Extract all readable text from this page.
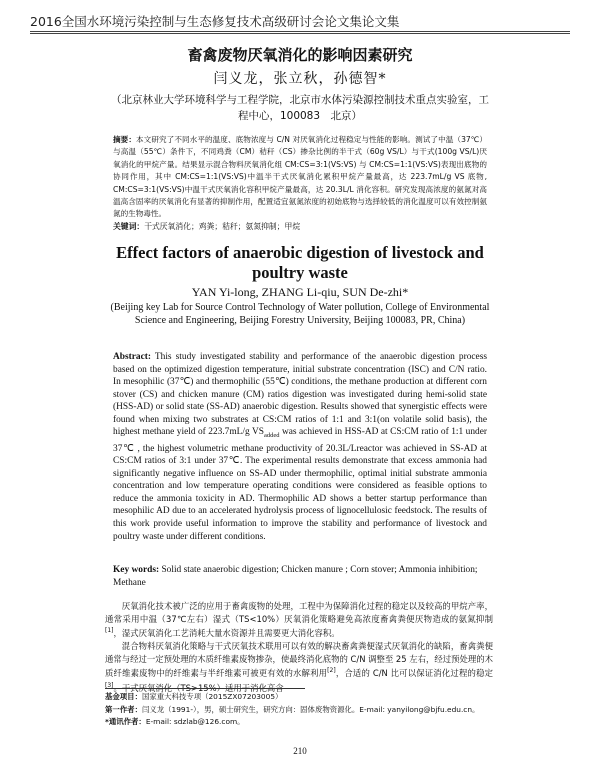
2016全国水环境污染控制与生态修复技术高级研讨会论文集论文集
畜禽废物厌氧消化的影响因素研究
闫义龙，张立秋，孙德智*
（北京林业大学环境科学与工程学院，北京市水体污染源控制技术重点实验室，工程中心，100083　北京）
摘要：本文研究了不同水平的温度、底物浓度与 C/N 对厌氧消化过程稳定与性能的影响。测试了中温（37℃）与高温（55℃）条件下，不同鸡粪（CM）秸秆（CS）掺杂比例的半干式（60g VS/L）与干式(100g VS/L)厌氧消化的甲烷产量。结果显示混合物料厌氧消化组 CM:CS=3:1(VS:VS) 与 CM:CS=1:1(VS:VS)表现出底物的协同作用，其中 CM:CS=1:1(VS:VS)中温半干式厌氧消化累积甲烷产量最高，达 223.7mL/g VS 底物, CM:CS=3:1(VS:VS)中温干式厌氧消化容积甲烷产量最高，达 20.3L/L 消化容积。研究发现高浓度的氨氮对高温高含固率的厌氧消化有显著的抑制作用，配置适宜氨氮浓度的初始底物与选择较低的消化温度可以有效控制氨氮的生物毒性。
关键词：干式厌氧消化；鸡粪；秸秆；氨氮抑制；甲烷
Effect factors of anaerobic digestion of livestock and poultry waste
YAN Yi-long, ZHANG Li-qiu, SUN De-zhi*
(Beijing key Lab for Source Control Technology of Water pollution, College of Environmental Science and Engineering, Beijing Forestry University, Beijing 100083, PR, China)
Abstract: This study investigated stability and performance of the anaerobic digestion process based on the optimized digestion temperature, initial substrate concentration (ISC) and C/N ratio. In mesophilic (37℃) and thermophilic (55℃) conditions, the methane production at different corn stover (CS) and chicken manure (CM) ratios digestion was investigated during hemi-solid state (HSS-AD) or solid state (SS-AD) anaerobic digestion. Results showed that synergistic effects were found when mixing two substrates at CS:CM ratios of 1:1 and 3:1(on volatile solid basis), the highest methane yield of 223.7mL/g $VS_{added}$ was achieved in HSS-AD at CS:CM ratio of 1:1 under 37℃ , the highest volumetric methane productivity of 20.3L/Lreactor was achieved in SS-AD at CS:CM ratios of 3:1 under 37℃. The experimental results demonstrate that excess ammonia had significantly negative influence on SS-AD under thermophilic, optimal initial substrate ammonia concentration and low temperature operating conditions were considered as feasible options to reduce the ammonia toxicity in AD. Thermophilic AD shows a better startup performance than mesophilic AD due to an accelerated hydrolysis process of lignocellulosic feedstock. The results of this work provide useful information to improve the stability and performance of livestock and poultry waste under different conditions.
Key words: Solid state anaerobic digestion; Chicken manure ; Corn stover; Ammonia inhibition; Methane

厌氧消化技术被广泛的应用于畜禽废物的处理，工程中为保障消化过程的稳定以及较高的甲烷产率，通常采用中温（37℃左右）湿式（TS<10%）厌氧消化策略避免高浓度畜禽粪便厌物造成的氨氮抑制[1]，湿式厌氧消化工艺消耗大量水资源并且需要更大消化容积。

混合物料厌氧消化策略与干式厌氧技术联用可以有效的解决畜禽粪便湿式厌氧消化的缺陷，畜禽粪便通常与经过一定预处理的木质纤维素废物掺杂，使最终消化底物的 C/N 调整至 25 左右，经过预处理的木质纤维素废物中的纤维素与半纤维素可被更有效的水解利用[2]，合适的 C/N 比可以保证消化过程的稳定[3]。干式厌氧消化（TS>15%）适用于消化高含

基金项目：国家重大科技专项（2015ZX07203005）
第一作者：闫义龙（1991-），男，硕士研究生，研究方向：固体废物资源化。E-mail: yanyilong@bjfu.edu.cn。
*通讯作者：E-mail: sdzlab@126.com。
210
